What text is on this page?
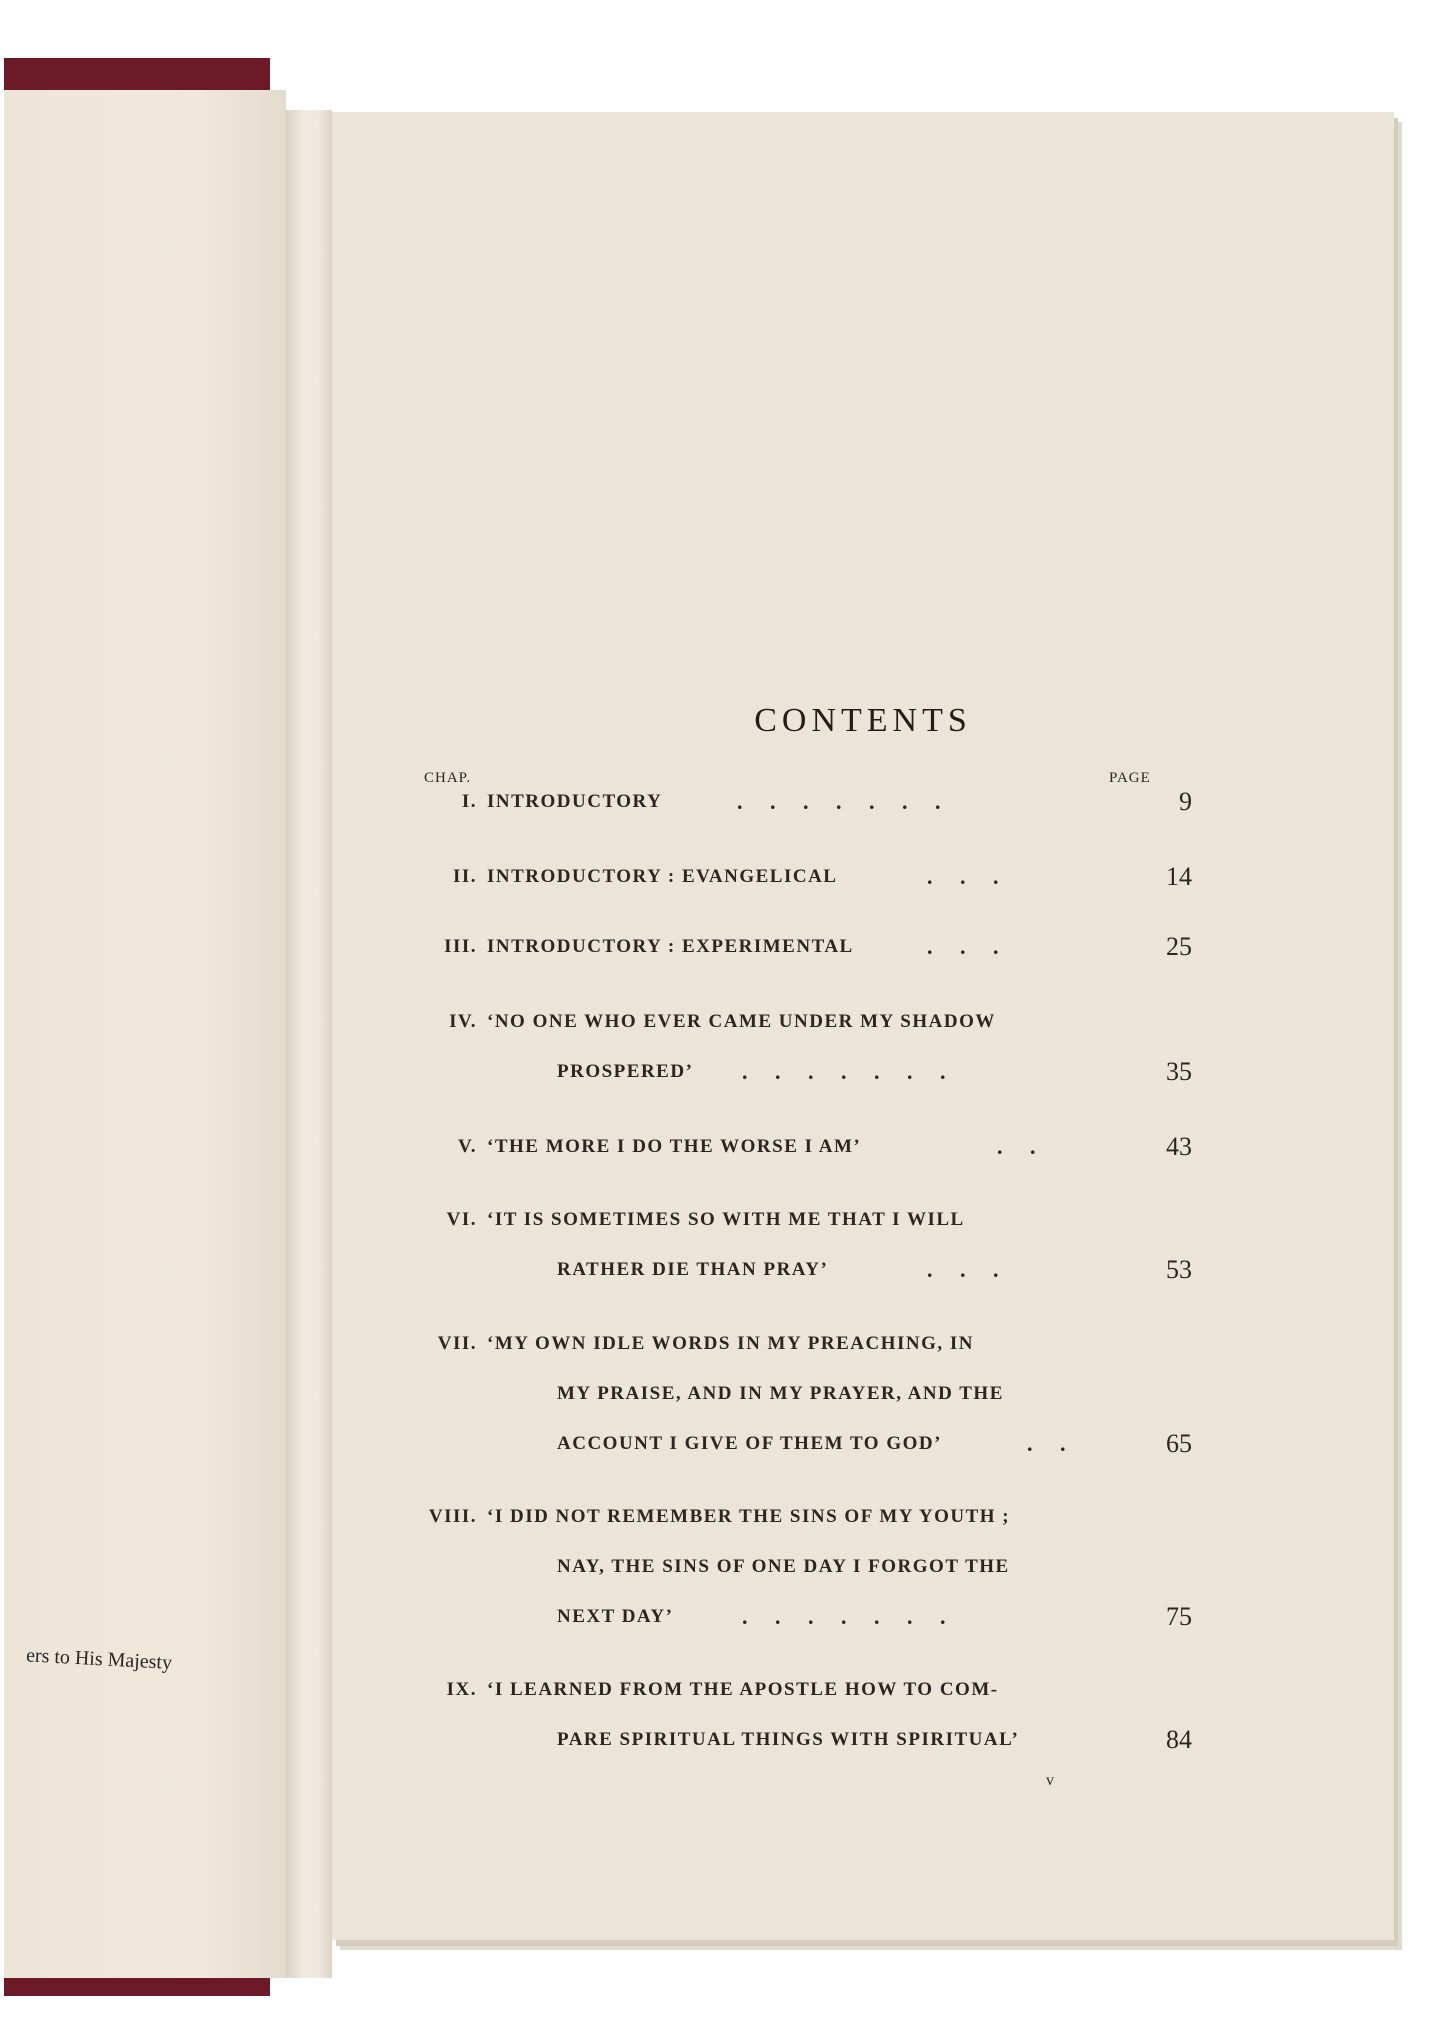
ers to His Majesty
CONTENTS
CHAP.	PAGE
I. INTRODUCTORY	.     .     .     .     .     .     .	9
II. INTRODUCTORY : EVANGELICAL	.     .     .	14
III. INTRODUCTORY : EXPERIMENTAL	.     .     .	25
IV. ‘NO ONE WHO EVER CAME UNDER MY SHADOW
PROSPERED’ .     .     .     .     .     .     .	35
V. ‘THE MORE I DO THE WORSE I AM’	.     .	43
VI. ‘IT IS SOMETIMES SO WITH ME THAT I WILL
RATHER DIE THAN PRAY’	.     .     .	53
VII. ‘MY OWN IDLE WORDS IN MY PREACHING, IN
MY PRAISE, AND IN MY PRAYER, AND THE
ACCOUNT I GIVE OF THEM TO GOD’	.     .	65
VIII. ‘I DID NOT REMEMBER THE SINS OF MY YOUTH ;
NAY, THE SINS OF ONE DAY I FORGOT THE
NEXT DAY’	.     .     .     .     .     .     .	75
IX. ‘I LEARNED FROM THE APOSTLE HOW TO COM-
PARE SPIRITUAL THINGS WITH SPIRITUAL’	84
v
